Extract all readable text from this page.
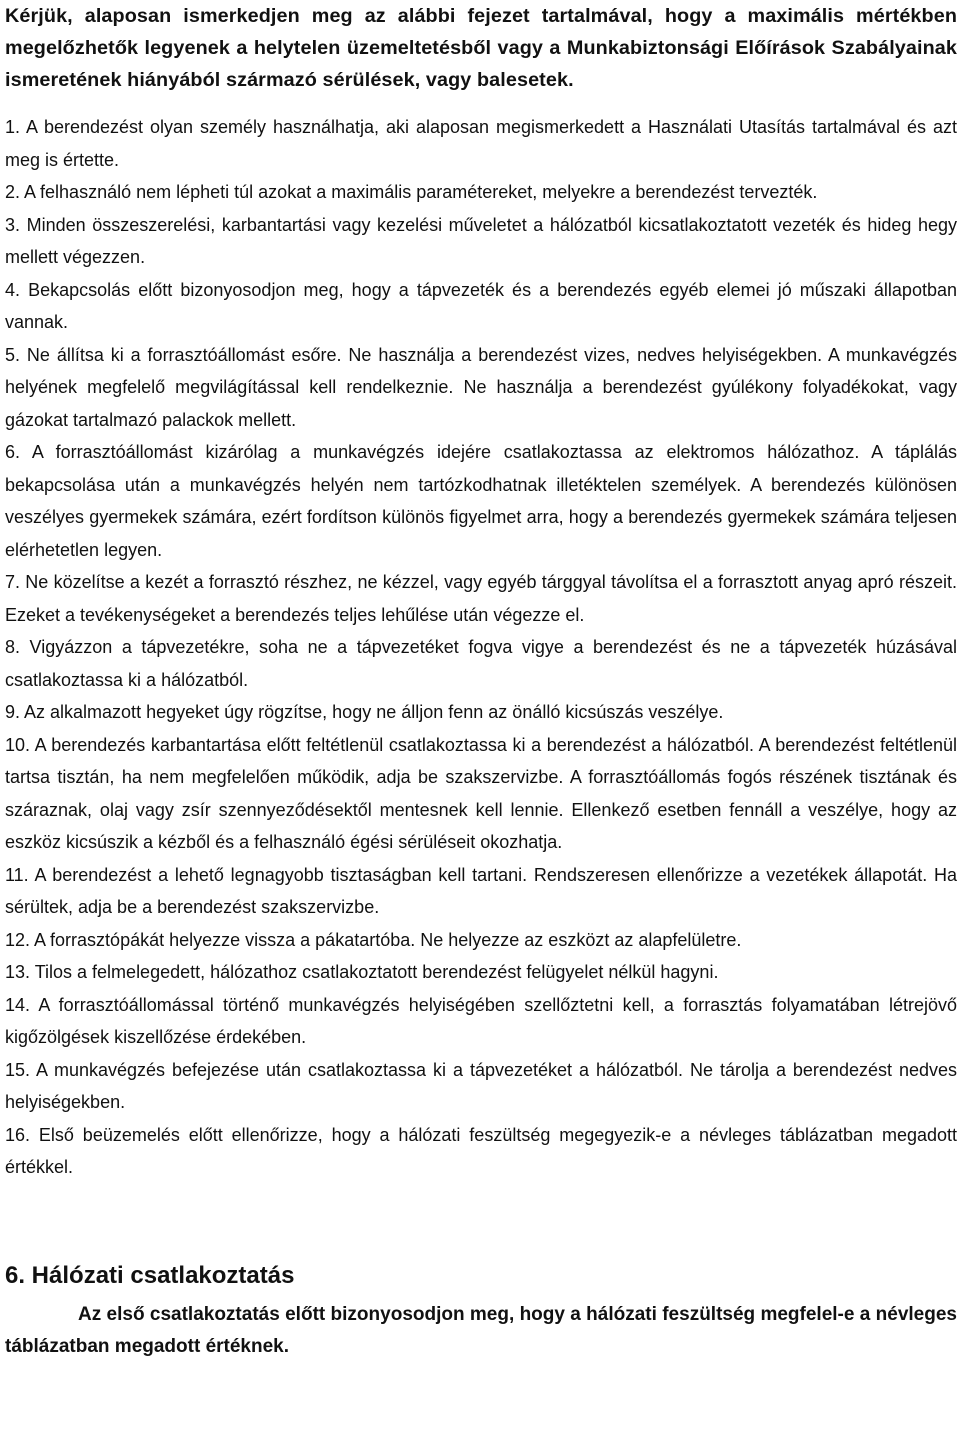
Kérjük, alaposan ismerkedjen meg az alábbi fejezet tartalmával, hogy a maximális mértékben megelőzhetők legyenek a helytelen üzemeltetésből vagy a Munkabiztonsági Előírások Szabályainak ismeretének hiányából származó sérülések, vagy balesetek.

1. A berendezést olyan személy használhatja, aki alaposan megismerkedett a Használati Utasítás tartalmával és azt meg is értette.
2. A felhasználó nem lépheti túl azokat a maximális paramétereket, melyekre a berendezést tervezték.
3. Minden összeszerelési, karbantartási vagy kezelési műveletet a hálózatból kicsatlakoztatott vezeték és hideg hegy mellett végezzen.
4. Bekapcsolás előtt bizonyosodjon meg, hogy a tápvezeték és a berendezés egyéb elemei jó műszaki állapotban vannak.
5. Ne állítsa ki a forrasztóállomást esőre. Ne használja a berendezést vizes, nedves helyiségekben. A munkavégzés helyének megfelelő megvilágítással kell rendelkeznie. Ne használja a berendezést gyúlékony folyadékokat, vagy gázokat tartalmazó palackok mellett.
6. A forrasztóállomást kizárólag a munkavégzés idejére csatlakoztassa az elektromos hálózathoz. A táplálás bekapcsolása után a munkavégzés helyén nem tartózkodhatnak illetéktelen személyek. A berendezés különösen veszélyes gyermekek számára, ezért fordítson különös figyelmet arra, hogy a berendezés gyermekek számára teljesen elérhetetlen legyen.
7. Ne közelítse a kezét a forrasztó részhez, ne kézzel, vagy egyéb tárggyal távolítsa el a forrasztott anyag apró részeit. Ezeket a tevékenységeket a berendezés teljes lehűlése után végezze el.
8. Vigyázzon a tápvezetékre, soha ne a tápvezetéket fogva vigye a berendezést és ne a tápvezeték húzásával csatlakoztassa ki a hálózatból.
9. Az alkalmazott hegyeket úgy rögzítse, hogy ne álljon fenn az önálló kicsúszás veszélye.
10. A berendezés karbantartása előtt feltétlenül csatlakoztassa ki a berendezést a hálózatból. A berendezést feltétlenül tartsa tisztán, ha nem megfelelően működik, adja be szakszervizbe. A forrasztóállomás fogós részének tisztának és száraznak, olaj vagy zsír szennyeződésektől mentesnek kell lennie. Ellenkező esetben fennáll a veszélye, hogy az eszköz kicsúszik a kézből és a felhasználó égési sérüléseit okozhatja.
11. A berendezést a lehető legnagyobb tisztaságban kell tartani. Rendszeresen ellenőrizze a vezetékek állapotát. Ha sérültek, adja be a berendezést szakszervizbe.
12. A forrasztópákát helyezze vissza a pákatartóba. Ne helyezze az eszközt az alapfelületre.
13. Tilos a felmelegedett, hálózathoz csatlakoztatott berendezést felügyelet nélkül hagyni.
14. A forrasztóállomással történő munkavégzés helyiségében szellőztetni kell, a forrasztás folyamatában létrejövő kigőzölgések kiszellőzése érdekében.
15. A munkavégzés befejezése után csatlakoztassa ki a tápvezetéket a hálózatból. Ne tárolja a berendezést nedves helyiségekben.
16. Első beüzemelés előtt ellenőrizze, hogy a hálózati feszültség megegyezik-e a névleges táblázatban megadott értékkel.
6. Hálózati csatlakoztatás

Az első csatlakoztatás előtt bizonyosodjon meg, hogy a hálózati feszültség megfelel-e a névleges táblázatban megadott értéknek.
